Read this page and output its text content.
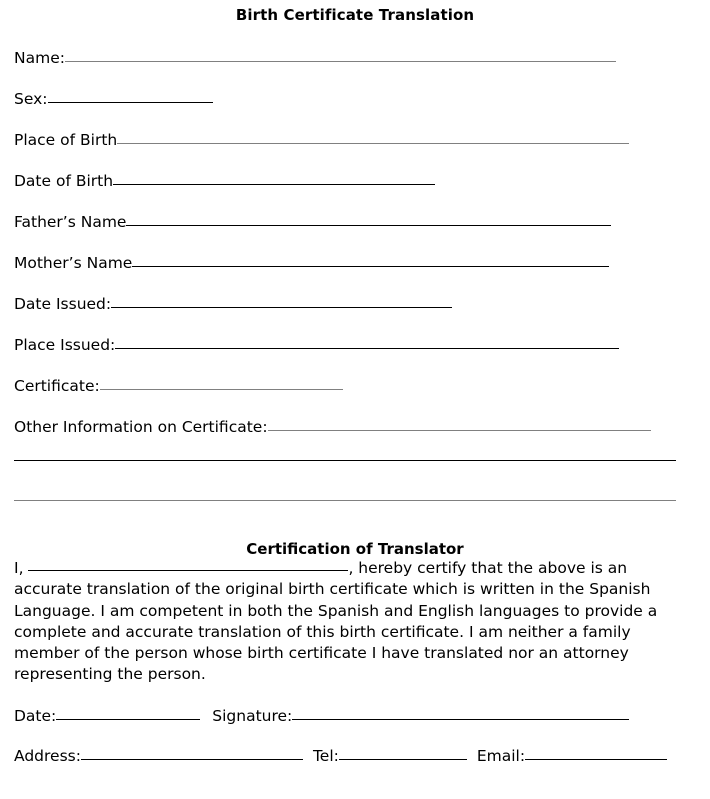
Birth Certificate Translation
Name:
Sex:
Place of Birth
Date of Birth
Father’s Name
Mother’s Name
Date Issued:
Place Issued:
Certificate:
Other Information on Certificate:
Certification of Translator

I,	, hereby certify that the above is an accurate translation of the original birth certificate which is written in the Spanish Language. I am competent in both the Spanish and English languages to provide a complete and accurate translation of this birth certificate. I am neither a family member of the person whose birth certificate I have translated nor an attorney representing the person.

Date:	Signature:
Address:	Tel:	Email:
